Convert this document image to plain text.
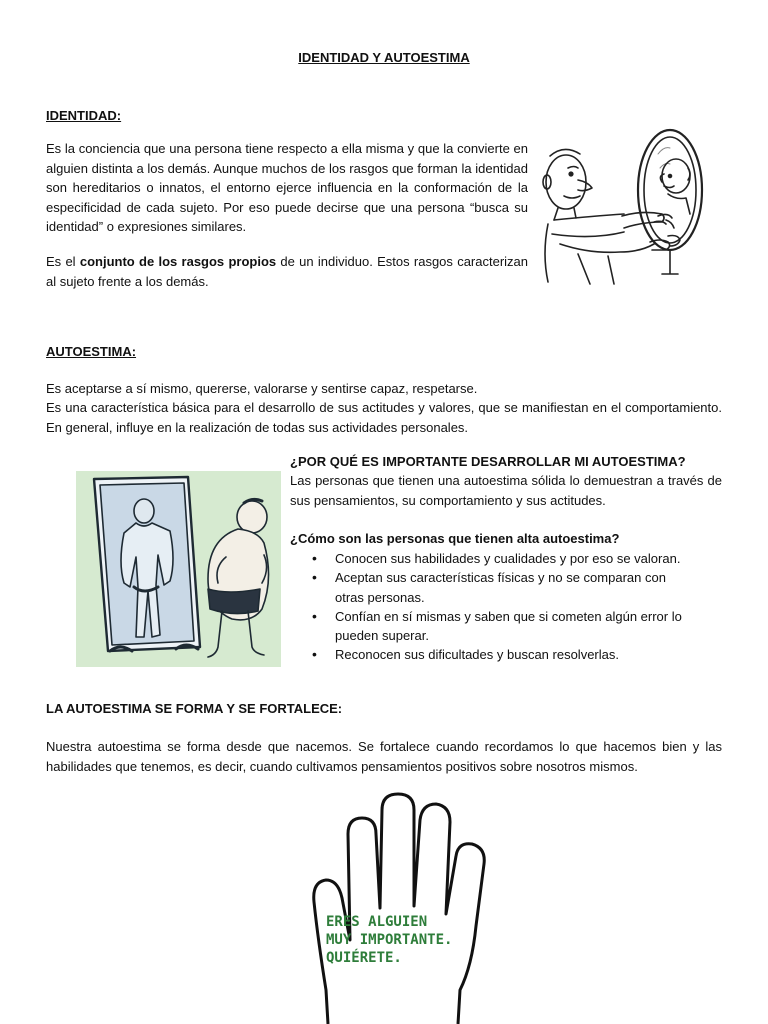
IDENTIDAD Y AUTOESTIMA
IDENTIDAD:
Es la conciencia que una persona tiene respecto a ella misma y que la convierte en alguien distinta a los demás. Aunque muchos de los rasgos que forman la identidad son hereditarios o innatos, el entorno ejerce influencia en la conformación de la especificidad de cada sujeto. Por eso puede decirse que una persona “busca su identidad” o expresiones similares.
Es el conjunto de los rasgos propios de un individuo. Estos rasgos caracterizan al sujeto frente a los demás.
AUTOESTIMA:
Es aceptarse a sí mismo, quererse, valorarse y sentirse capaz, respetarse.
Es una característica básica para el desarrollo de sus actitudes y valores, que se manifiestan en el comportamiento. En general, influye en la realización de todas sus actividades personales.
¿POR QUÉ ES IMPORTANTE DESARROLLAR MI AUTOESTIMA?
Las personas que tienen una autoestima sólida lo demuestran a través de sus pensamientos, su comportamiento y sus actitudes.
¿Cómo son las personas que tienen alta autoestima?
• Conocen sus habilidades y cualidades y por eso se valoran.
• Aceptan sus características físicas y no se comparan con otras personas.
• Confían en sí mismas y saben que si cometen algún error lo pueden superar.
• Reconocen sus dificultades y buscan resolverlas.
LA AUTOESTIMA SE FORMA Y SE FORTALECE:
Nuestra autoestima se forma desde que nacemos. Se fortalece cuando recordamos lo que hacemos bien y las habilidades que tenemos, es decir, cuando cultivamos pensamientos positivos sobre nosotros mismos.
ERES ALGUIEN
MUY IMPORTANTE.
QUIÉRETE.
